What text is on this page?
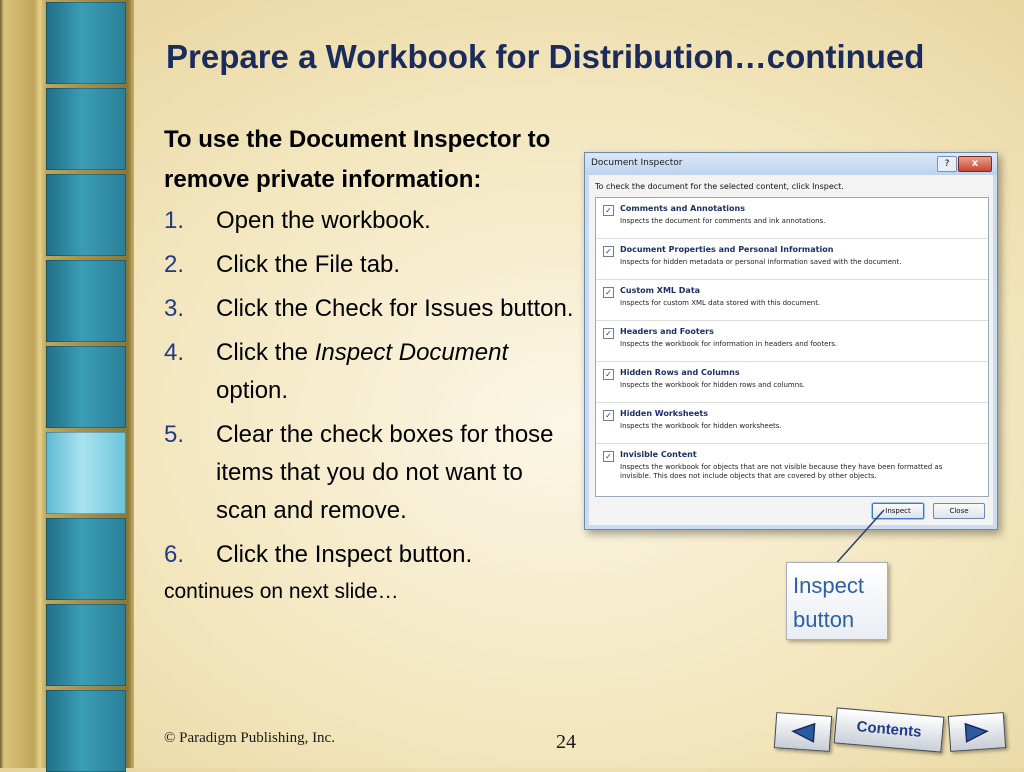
Prepare a Workbook for Distribution…continued

To use the Document Inspector to remove private information:

1. Open the workbook.
2. Click the File tab.
3. Click the Check for Issues button.
4. Click the Inspect Document option.
5. Clear the check boxes for those items that you do not want to scan and remove.
6. Click the Inspect button.
continues on next slide…
Document Inspector	?	x
To check the document for the selected content, click Inspect.
✓ Comments and Annotations
Inspects the document for comments and ink annotations.
✓ Document Properties and Personal Information
Inspects for hidden metadata or personal information saved with the document.
✓ Custom XML Data
Inspects for custom XML data stored with this document.
✓ Headers and Footers
Inspects the workbook for information in headers and footers.
✓ Hidden Rows and Columns
Inspects the workbook for hidden rows and columns.
✓ Hidden Worksheets
Inspects the workbook for hidden worksheets.
✓ Invisible Content
Inspects the workbook for objects that are not visible because they have been formatted as invisible. This does not include objects that are covered by other objects.
Inspect	Close
Inspect
button
© Paradigm Publishing, Inc.	24
Contents
